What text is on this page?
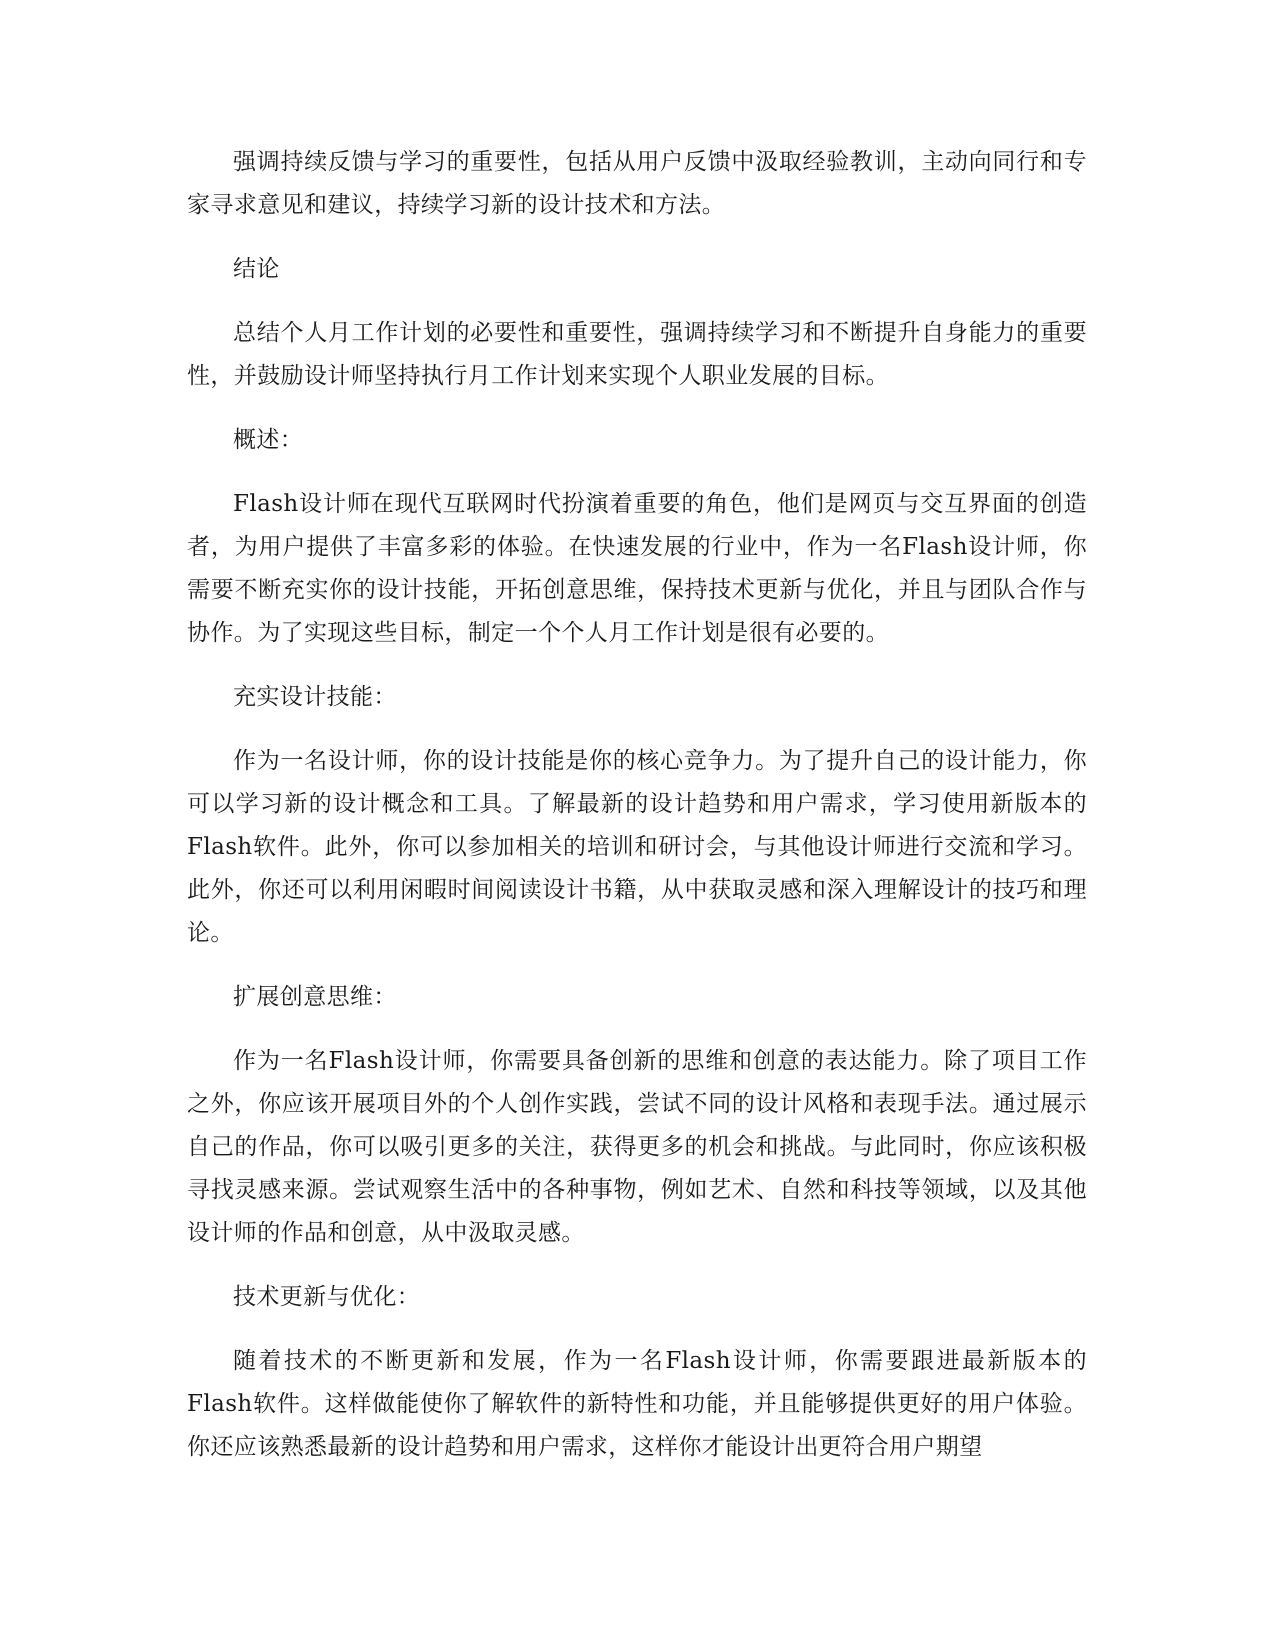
强调持续反馈与学习的重要性，包括从用户反馈中汲取经验教训，主动向同行和专家寻求意见和建议，持续学习新的设计技术和方法。

结论

总结个人月工作计划的必要性和重要性，强调持续学习和不断提升自身能力的重要性，并鼓励设计师坚持执行月工作计划来实现个人职业发展的目标。

概述：

Flash设计师在现代互联网时代扮演着重要的角色，他们是网页与交互界面的创造者，为用户提供了丰富多彩的体验。在快速发展的行业中，作为一名Flash设计师，你需要不断充实你的设计技能，开拓创意思维，保持技术更新与优化，并且与团队合作与协作。为了实现这些目标，制定一个个人月工作计划是很有必要的。

充实设计技能：

作为一名设计师，你的设计技能是你的核心竞争力。为了提升自己的设计能力，你可以学习新的设计概念和工具。了解最新的设计趋势和用户需求，学习使用新版本的Flash软件。此外，你可以参加相关的培训和研讨会，与其他设计师进行交流和学习。此外，你还可以利用闲暇时间阅读设计书籍，从中获取灵感和深入理解设计的技巧和理论。

扩展创意思维：

作为一名Flash设计师，你需要具备创新的思维和创意的表达能力。除了项目工作之外，你应该开展项目外的个人创作实践，尝试不同的设计风格和表现手法。通过展示自己的作品，你可以吸引更多的关注，获得更多的机会和挑战。与此同时，你应该积极寻找灵感来源。尝试观察生活中的各种事物，例如艺术、自然和科技等领域，以及其他设计师的作品和创意，从中汲取灵感。

技术更新与优化：

随着技术的不断更新和发展，作为一名Flash设计师，你需要跟进最新版本的Flash软件。这样做能使你了解软件的新特性和功能，并且能够提供更好的用户体验。你还应该熟悉最新的设计趋势和用户需求，这样你才能设计出更符合用户期望
